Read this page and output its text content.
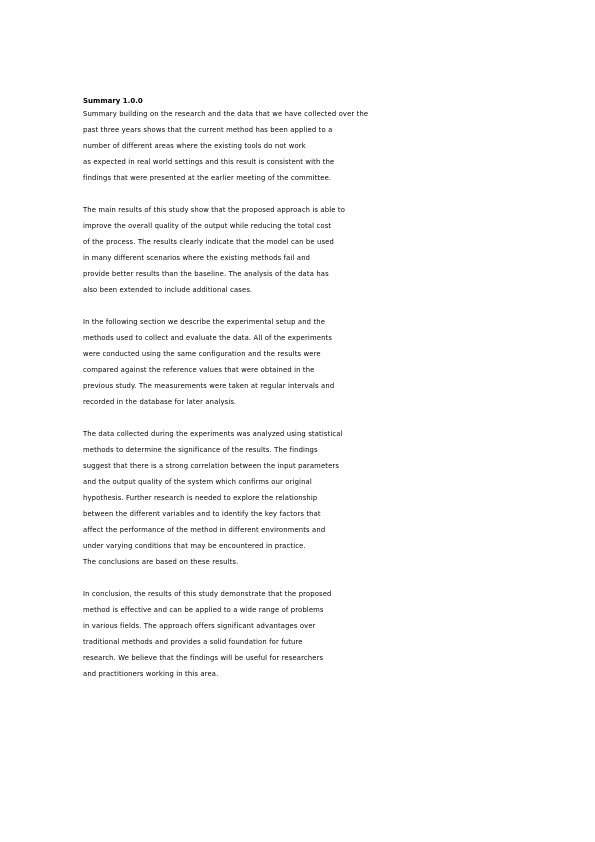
Summary 1.0.0
Summary building on the research and the data that we have collected over the
past three years shows that the current method has been applied to a
number of different areas where the existing tools do not work
as expected in real world settings and this result is consistent with the
findings that were presented at the earlier meeting of the committee.
The main results of this study show that the proposed approach is able to
improve the overall quality of the output while reducing the total cost
of the process. The results clearly indicate that the model can be used
in many different scenarios where the existing methods fail and
provide better results than the baseline. The analysis of the data has
also been extended to include additional cases.
In the following section we describe the experimental setup and the
methods used to collect and evaluate the data. All of the experiments
were conducted using the same configuration and the results were
compared against the reference values that were obtained in the
previous study. The measurements were taken at regular intervals and
recorded in the database for later analysis.
The data collected during the experiments was analyzed using statistical
methods to determine the significance of the results. The findings
suggest that there is a strong correlation between the input parameters
and the output quality of the system which confirms our original
hypothesis. Further research is needed to explore the relationship
between the different variables and to identify the key factors that
affect the performance of the method in different environments and
under varying conditions that may be encountered in practice.
The conclusions are based on these results.
In conclusion, the results of this study demonstrate that the proposed
method is effective and can be applied to a wide range of problems
in various fields. The approach offers significant advantages over
traditional methods and provides a solid foundation for future
research. We believe that the findings will be useful for researchers
and practitioners working in this area.
